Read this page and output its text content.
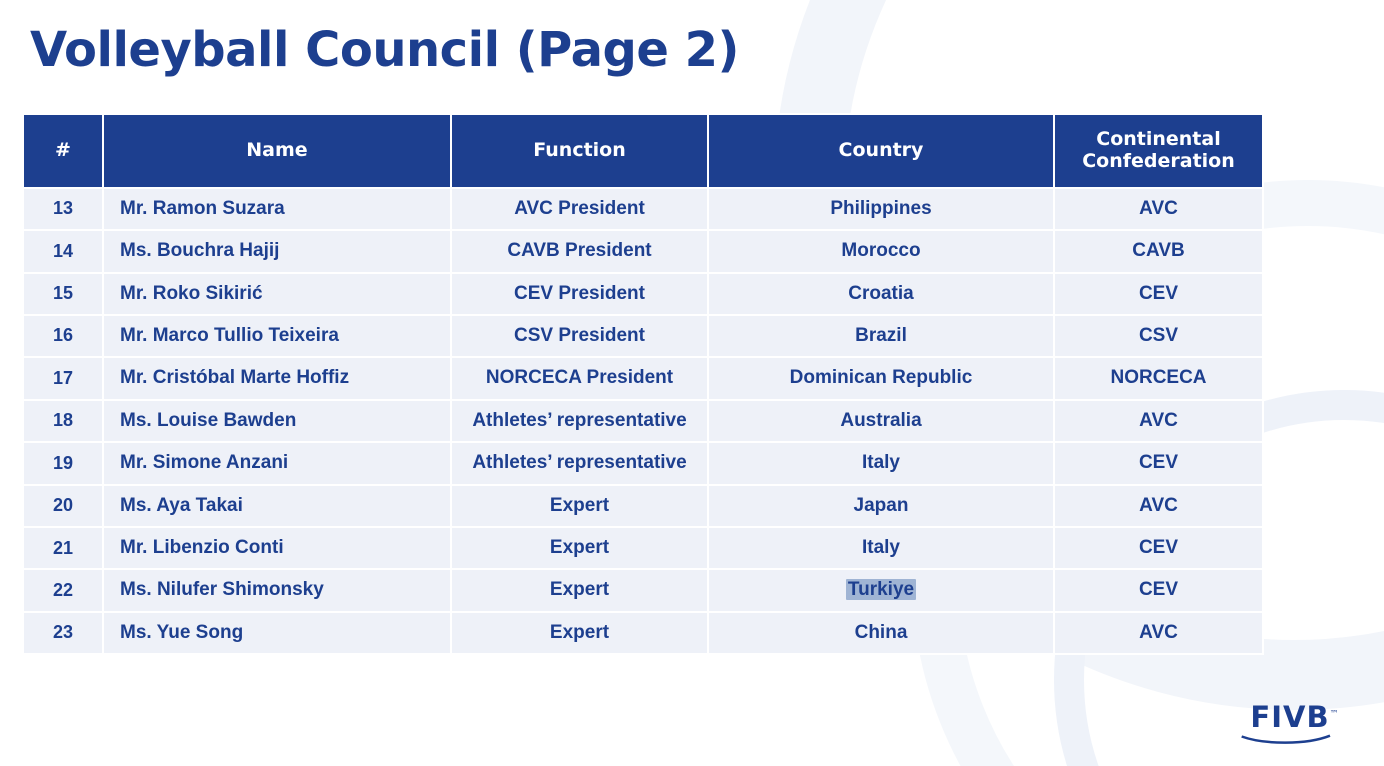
Volleyball Council (Page 2)
#	Name	Function	Country	Continental Confederation
13	Mr. Ramon Suzara	AVC President	Philippines	AVC
14	Ms. Bouchra Hajij	CAVB President	Morocco	CAVB
15	Mr. Roko Sikirić	CEV President	Croatia	CEV
16	Mr. Marco Tullio Teixeira	CSV President	Brazil	CSV
17	Mr. Cristóbal Marte Hoffiz	NORCECA President	Dominican Republic	NORCECA
18	Ms. Louise Bawden	Athletes’ representative	Australia	AVC
19	Mr. Simone Anzani	Athletes’ representative	Italy	CEV
20	Ms. Aya Takai	Expert	Japan	AVC
21	Mr. Libenzio Conti	Expert	Italy	CEV
22	Ms. Nilufer Shimonsky	Expert	Turkiye	CEV
23	Ms. Yue Song	Expert	China	AVC
FIVB™
